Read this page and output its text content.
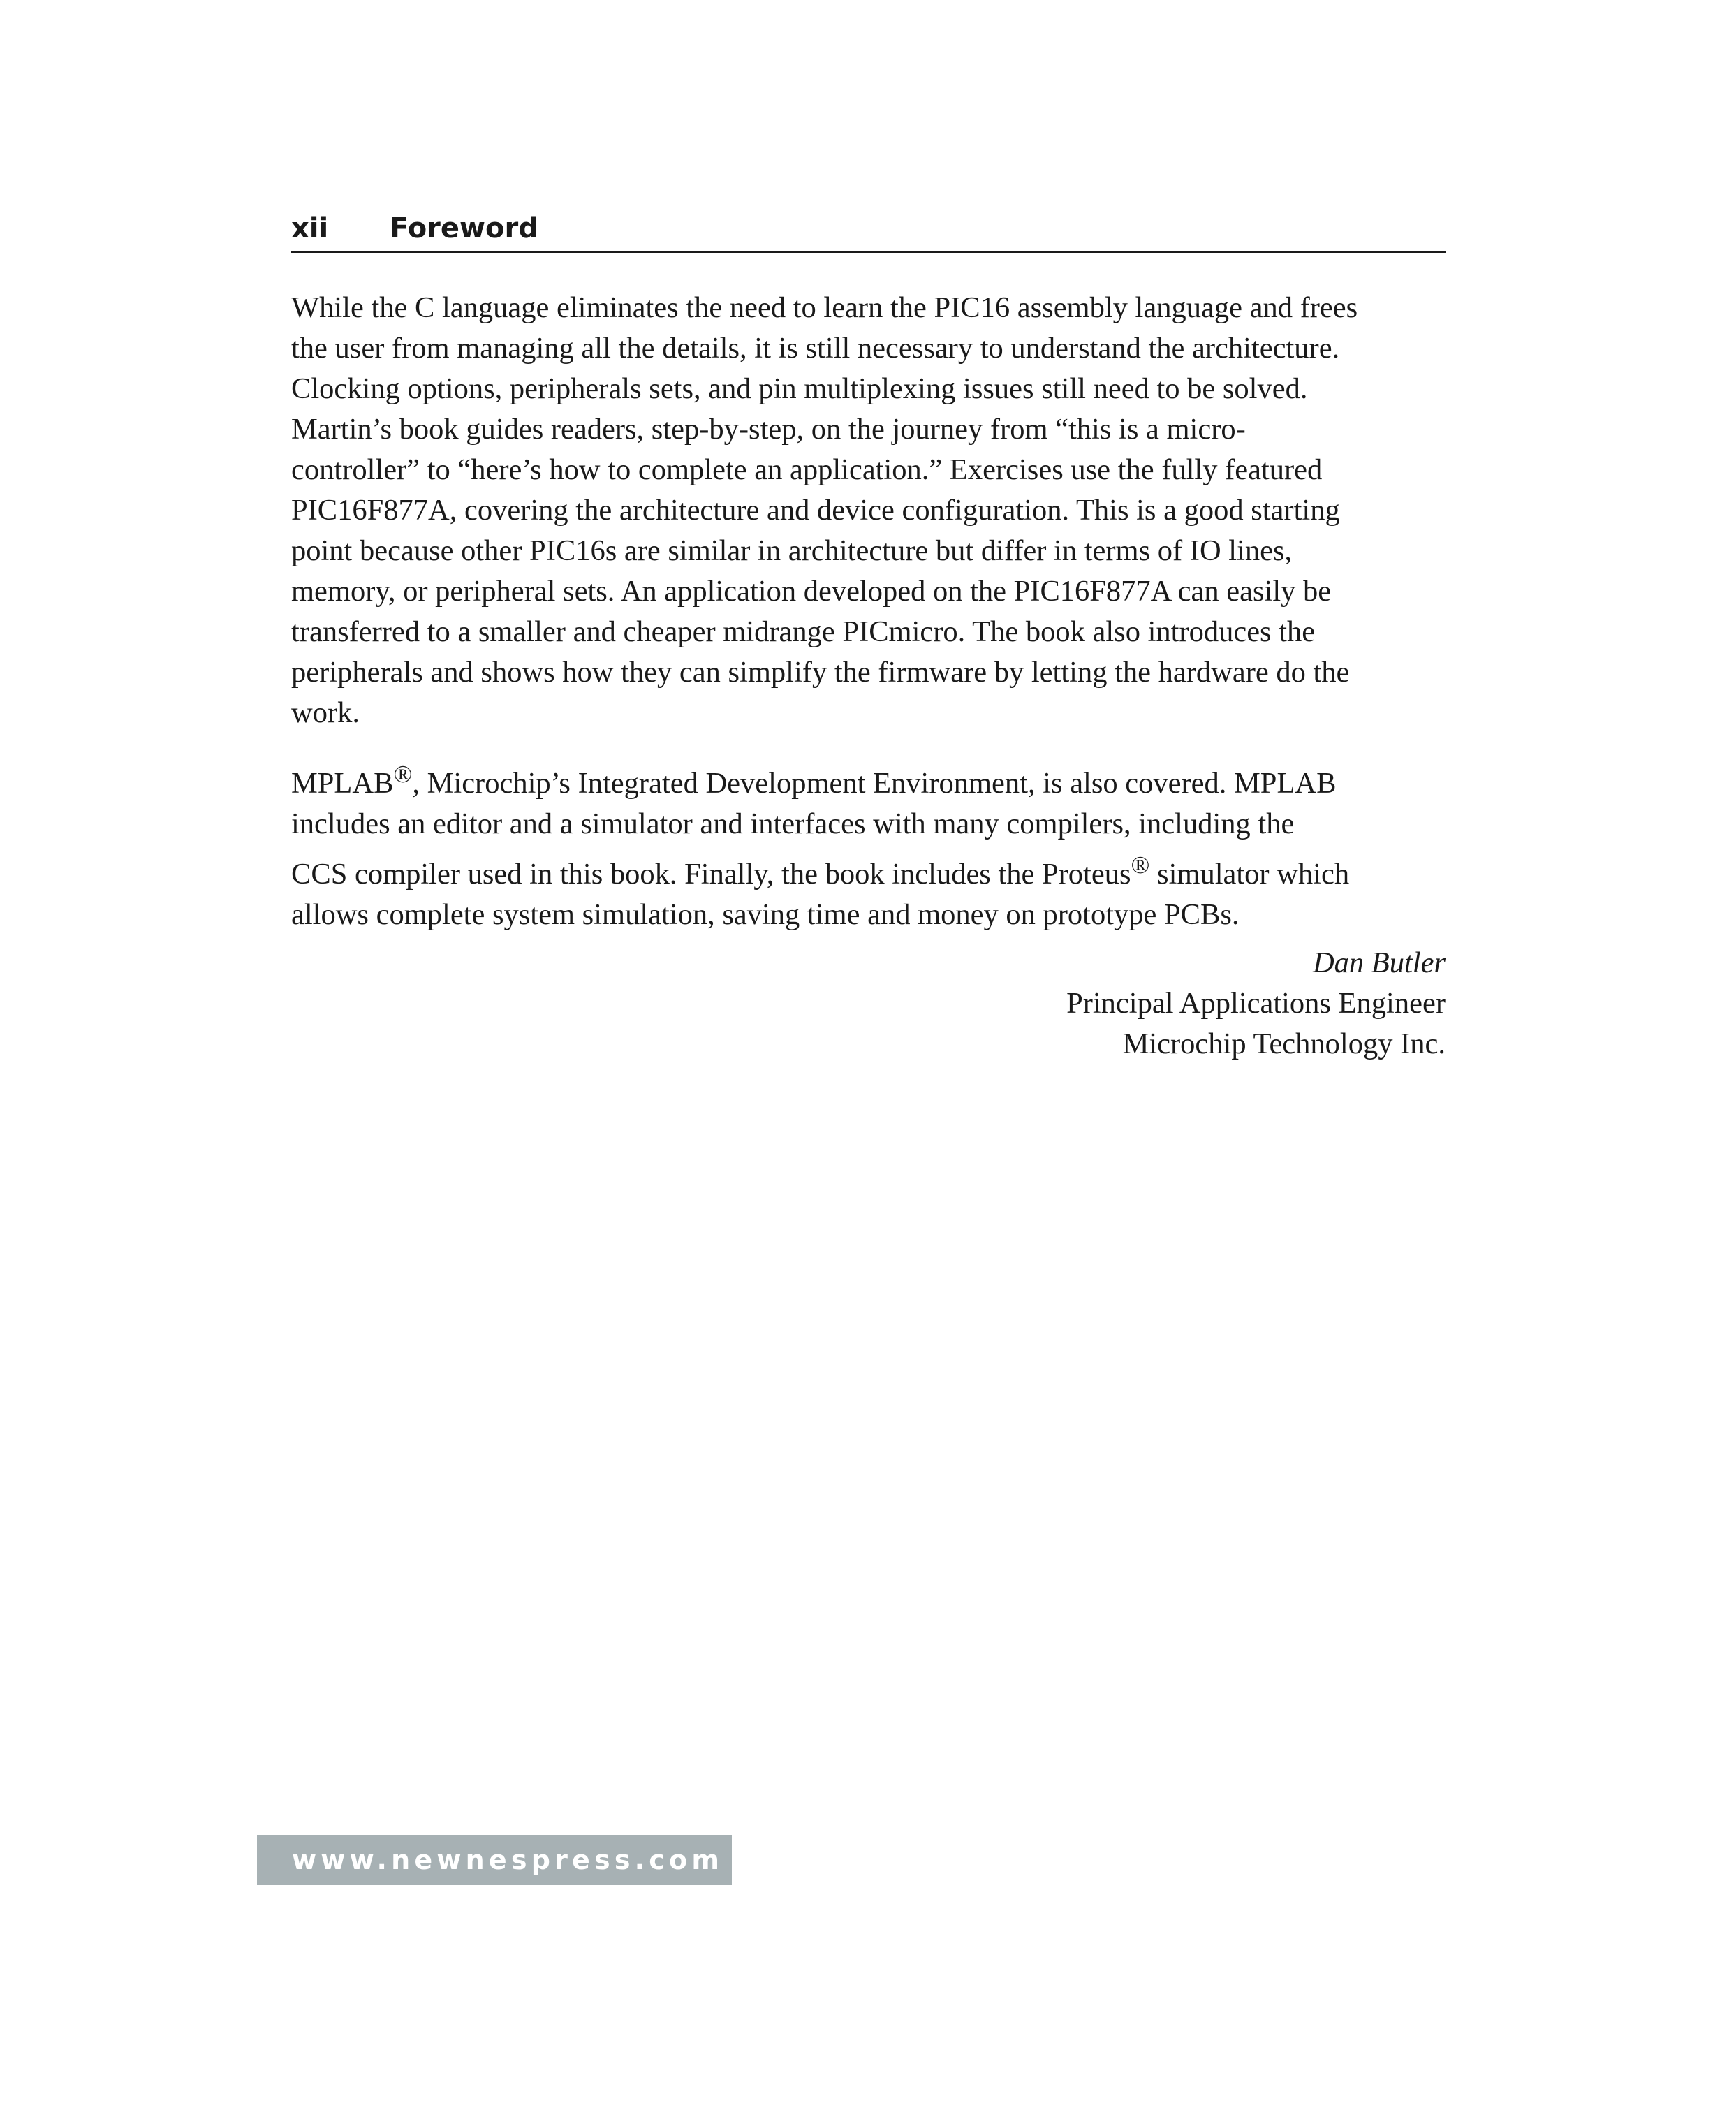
xii Foreword

While the C language eliminates the need to learn the PIC16 assembly language and frees
the user from managing all the details, it is still necessary to understand the architecture.
Clocking options, peripherals sets, and pin multiplexing issues still need to be solved.
Martin’s book guides readers, step-by-step, on the journey from “this is a micro-
controller” to “here’s how to complete an application.” Exercises use the fully featured
PIC16F877A, covering the architecture and device configuration. This is a good starting
point because other PIC16s are similar in architecture but differ in terms of IO lines,
memory, or peripheral sets. An application developed on the PIC16F877A can easily be
transferred to a smaller and cheaper midrange PICmicro. The book also introduces the
peripherals and shows how they can simplify the firmware by letting the hardware do the
work.

MPLAB®, Microchip’s Integrated Development Environment, is also covered. MPLAB
includes an editor and a simulator and interfaces with many compilers, including the
CCS compiler used in this book. Finally, the book includes the Proteus® simulator which
allows complete system simulation, saving time and money on prototype PCBs.

Dan Butler
Principal Applications Engineer
Microchip Technology Inc.
www.newnespress.com
